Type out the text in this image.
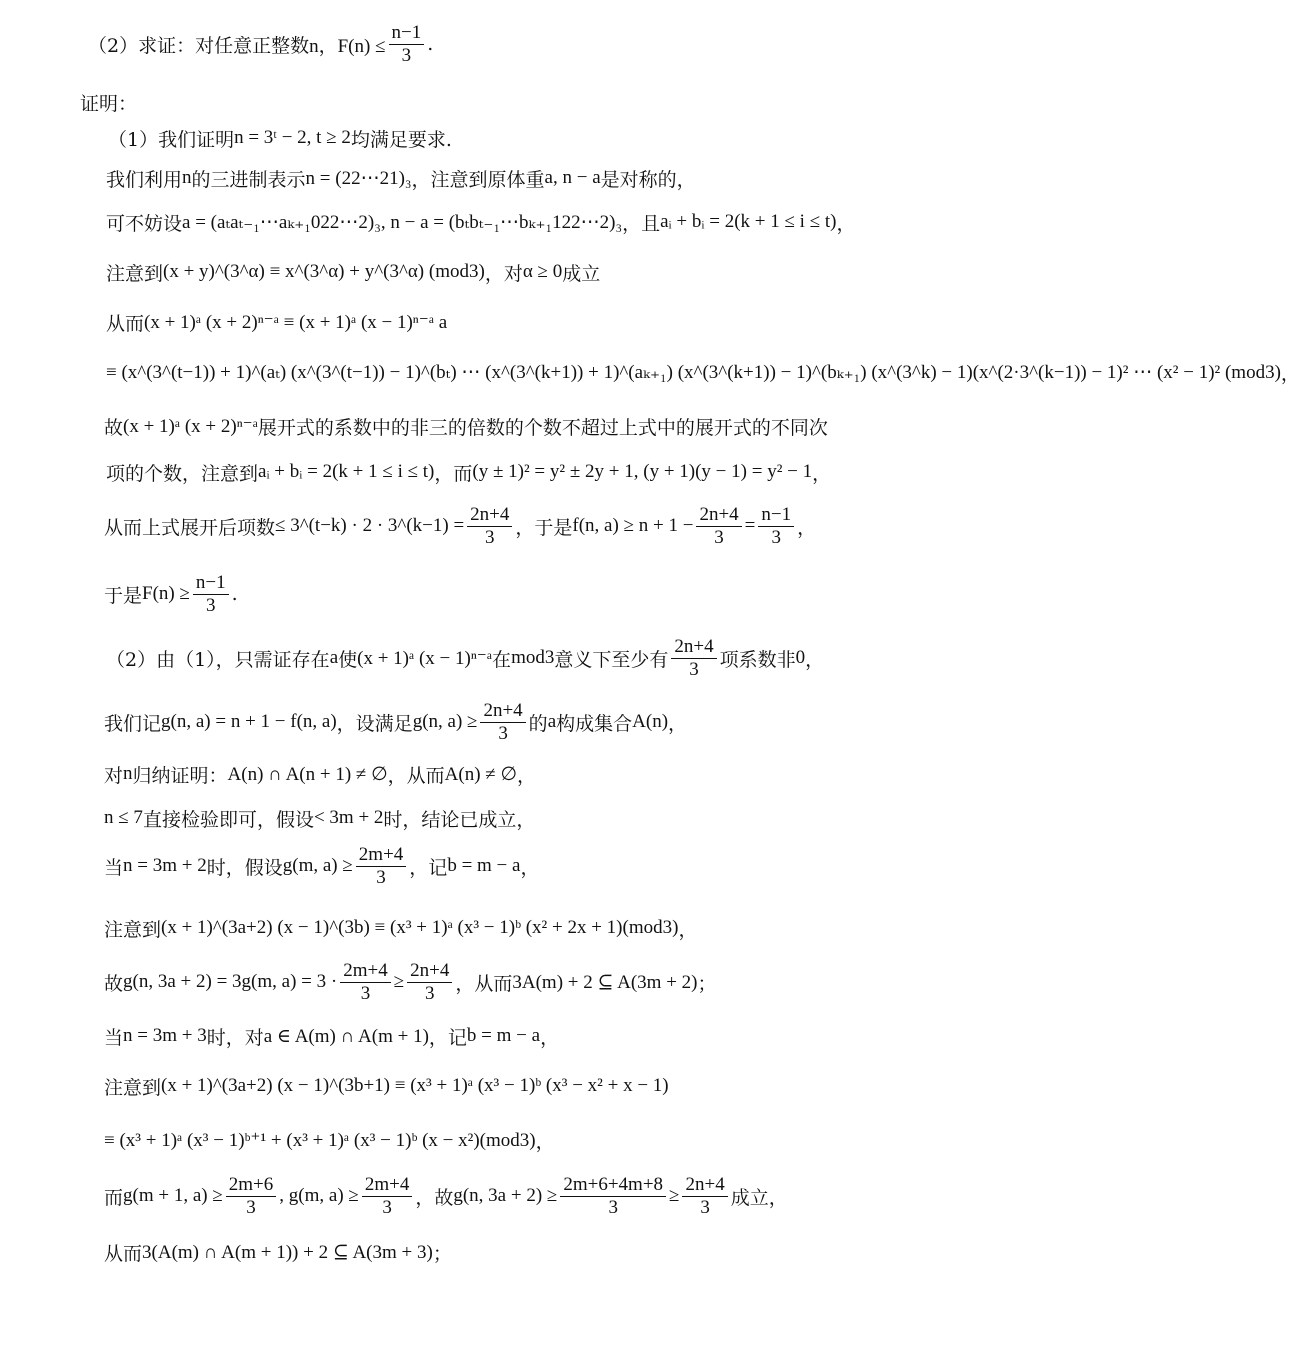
（2）求证：对任意正整数 n，$F(n) \le \frac{n-1}{3}$ .
证明：
（1）我们证明 n = 3ᵗ − 2, t ≥ 2 均满足要求.
我们利用 n 的三进制表示 n = (22⋯21)₃ ，注意到原体重 a, n − a 是对称的，
可不妨设 a = (aₜaₜ₋₁⋯aₖ₊₁022⋯2)₃, n − a = (bₜbₜ₋₁⋯bₖ₊₁122⋯2)₃ ，且 aᵢ + bᵢ = 2(k + 1 ≤ i ≤ t) ，
注意到 (x + y)^(3^α) ≡ x^(3^α) + y^(3^α) (mod3) ，对 α ≥ 0 成立
从而 (x + 1)ᵃ (x + 2)ⁿ⁻ᵃ ≡ (x + 1)ᵃ (x − 1)ⁿ⁻ᵃ a
≡ (x^(3^(t−1)) + 1)^(aₜ) (x^(3^(t−1)) − 1)^(bₜ) ⋯ (x^(3^(k+1)) + 1)^(aₖ₊₁) (x^(3^(k+1)) − 1)^(bₖ₊₁) (x^(3^k) − 1)(x^(2·3^(k−1)) − 1)² ⋯ (x² − 1)² (mod3) ，
故 (x + 1)ᵃ (x + 2)ⁿ⁻ᵃ 展开式的系数中的非三的倍数的个数不超过上式中的展开式的不同次
项的个数，注意到 aᵢ + bᵢ = 2(k + 1 ≤ i ≤ t) ，而 (y ± 1)² = y² ± 2y + 1, (y + 1)(y − 1) = y² − 1 ，
从而上式展开后项数 ≤ 3^(t−k) · 2 · 3^(k−1) = $\frac{2n+4}{3}$ ，于是 f(n, $a) \ge n + 1 - \frac{2n+4}{3} = \frac{n-1}{3}$ ，
于是 $F(n) \ge \frac{n-1}{3}$ .
（2）由（1），只需证存在 a 使 (x + 1)ᵃ (x − 1)ⁿ⁻ᵃ 在 mod3 意义下至少有 $\frac{2n+4}{3}$ 项系数非 0 ，
我们记 g(n, a) = n + 1 − f(n, a) ，设满足 g(n, $a) \ge \frac{2n+4}{3}$ 的 a 构成集合 A(n) ，
对 n 归纳证明： A(n) ∩ A(n + 1) ≠ ∅ ，从而 A(n) ≠ ∅ ，
n ≤ 7 直接检验即可，假设 < 3m + 2 时，结论已成立，
当 n = 3m + 2 时，假设 g(m, $a) \ge \frac{2m+4}{3}$ ，记 b = m − a ，
注意到 (x + 1)^(3a+2) (x − 1)^(3b) ≡ (x³ + 1)ᵃ (x³ − 1)ᵇ (x² + 2x + 1)(mod3) ，
故 g(n, 3a + 2) = 3g(m, $a) = 3 \cdot \frac{2m+4}{3} \ge \frac{2n+4}{3}$ ，从而 3A(m) + 2 ⊆ A(3m + 2) ；
当 n = 3m + 3 时，对 a ∈ A(m) ∩ A(m + 1) ，记 b = m − a ，
注意到 (x + 1)^(3a+2) (x − 1)^(3b+1) ≡ (x³ + 1)ᵃ (x³ − 1)ᵇ (x³ − x² + x − 1)
≡ (x³ + 1)ᵃ (x³ − 1)ᵇ⁺¹ + (x³ + 1)ᵃ (x³ − 1)ᵇ (x − x²)(mod3) ，
而 g(m + 1, $a) \ge \frac{2m+6}{3}$ , g(m, $a) \ge \frac{2m+4}{3}$ ，故 g(n, $3a + 2) \ge \frac{2m+6+4m+8}{3} \ge \frac{2n+4}{3}$ 成立，
从而 3(A(m) ∩ A(m + 1)) + 2 ⊆ A(3m + 3) ；
